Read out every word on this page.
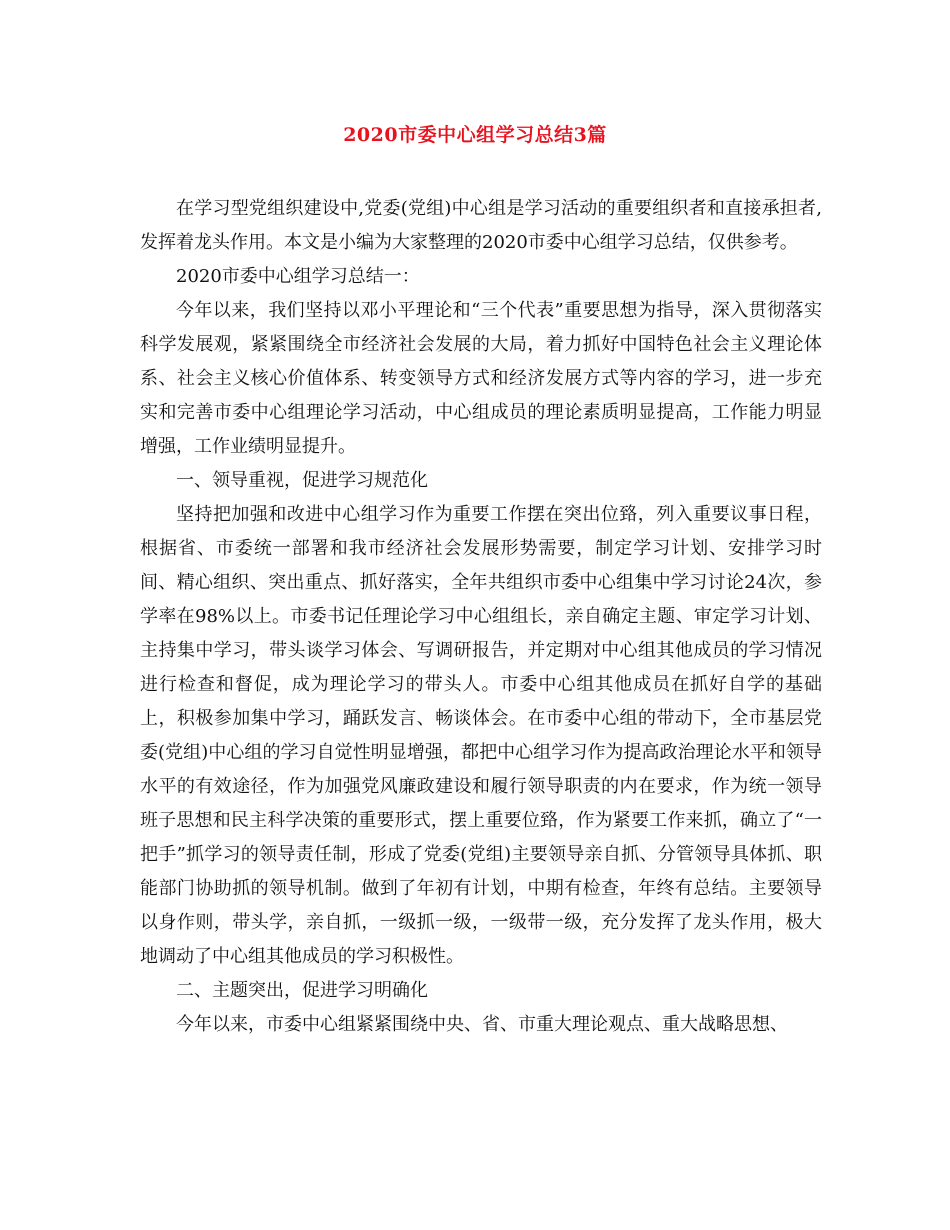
2020市委中心组学习总结3篇

在学习型党组织建设中,党委(党组)中心组是学习活动的重要组织者和直接承担者,发挥着龙头作用。本文是小编为大家整理的2020市委中心组学习总结，仅供参考。

2020市委中心组学习总结一：

今年以来，我们坚持以邓小平理论和“三个代表”重要思想为指导，深入贯彻落实科学发展观，紧紧围绕全市经济社会发展的大局，着力抓好中国特色社会主义理论体系、社会主义核心价值体系、转变领导方式和经济发展方式等内容的学习，进一步充实和完善市委中心组理论学习活动，中心组成员的理论素质明显提高，工作能力明显增强，工作业绩明显提升。

一、领导重视，促进学习规范化

坚持把加强和改进中心组学习作为重要工作摆在突出位臵，列入重要议事日程，根据省、市委统一部署和我市经济社会发展形势需要，制定学习计划、安排学习时间、精心组织、突出重点、抓好落实，全年共组织市委中心组集中学习讨论24次，参学率在98%以上。市委书记任理论学习中心组组长，亲自确定主题、审定学习计划、主持集中学习，带头谈学习体会、写调研报告，并定期对中心组其他成员的学习情况进行检查和督促，成为理论学习的带头人。市委中心组其他成员在抓好自学的基础上，积极参加集中学习，踊跃发言、畅谈体会。在市委中心组的带动下，全市基层党委(党组)中心组的学习自觉性明显增强，都把中心组学习作为提高政治理论水平和领导水平的有效途径，作为加强党风廉政建设和履行领导职责的内在要求，作为统一领导班子思想和民主科学决策的重要形式，摆上重要位臵，作为紧要工作来抓，确立了“一把手”抓学习的领导责任制，形成了党委(党组)主要领导亲自抓、分管领导具体抓、职能部门协助抓的领导机制。做到了年初有计划，中期有检查，年终有总结。主要领导以身作则，带头学，亲自抓，一级抓一级，一级带一级，充分发挥了龙头作用，极大地调动了中心组其他成员的学习积极性。

二、主题突出，促进学习明确化

今年以来，市委中心组紧紧围绕中央、省、市重大理论观点、重大战略思想、
